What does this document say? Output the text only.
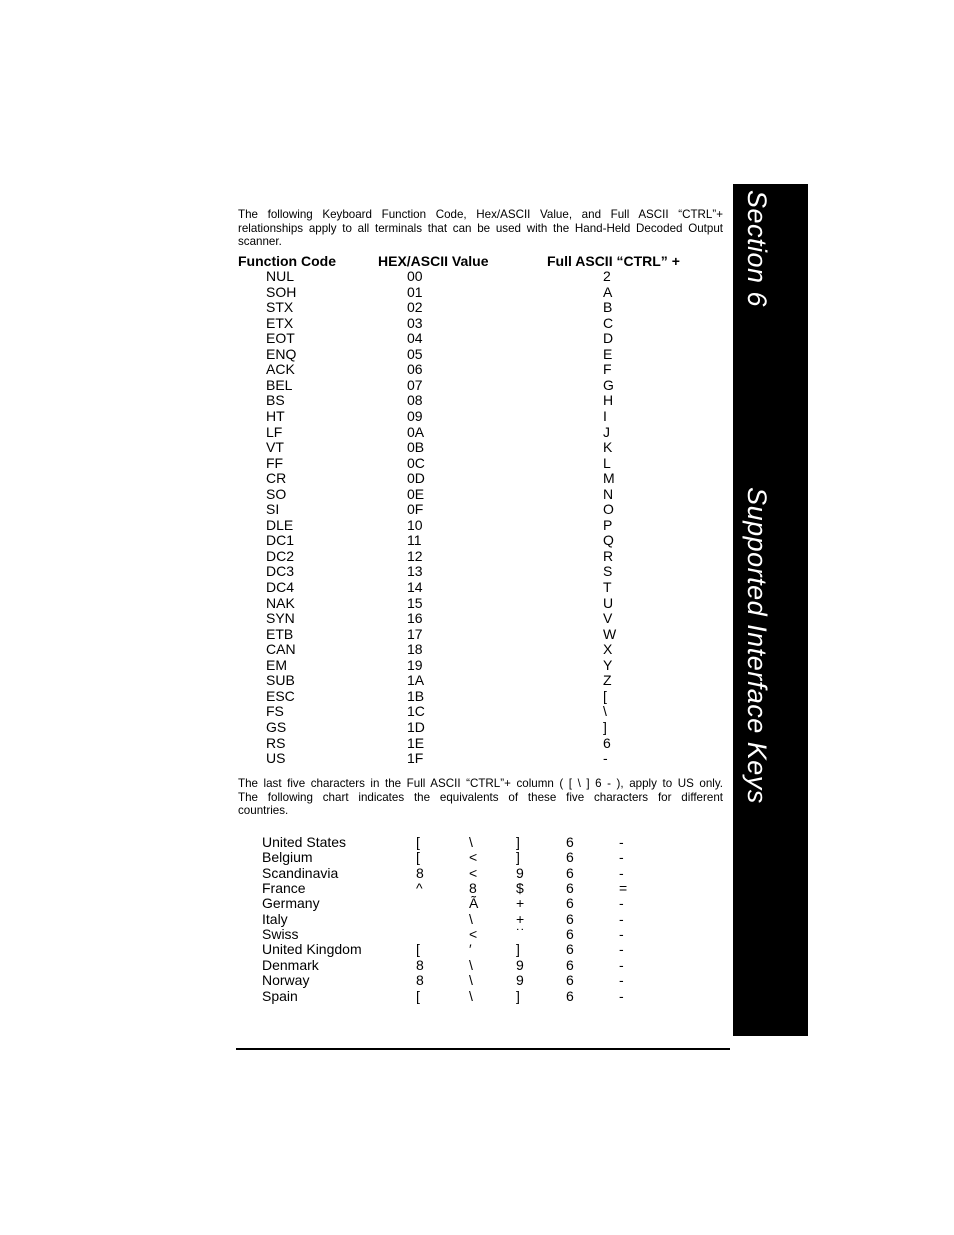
Section 6Supported Interface Keys
The following Keyboard Function Code, Hex/ASCII Value, and Full ASCII “CTRL”+
relationships apply to all terminals that can be used with the Hand-Held Decoded Output
scanner.
Function Code	HEX/ASCII Value	Full ASCII “CTRL” +
NUL	00	2
SOH	01	A
STX	02	B
ETX	03	C
EOT	04	D
ENQ	05	E
ACK	06	F
BEL	07	G
BS	08	H
HT	09	I
LF	0A	J
VT	0B	K
FF	0C	L
CR	0D	M
SO	0E	N
SI	0F	O
DLE	10	P
DC1	11	Q
DC2	12	R
DC3	13	S
DC4	14	T
NAK	15	U
SYN	16	V
ETB	17	W
CAN	18	X
EM	19	Y
SUB	1A	Z
ESC	1B	[
FS	1C	\
GS	1D	]
RS	1E	6
US	1F	-
The last five characters in the Full ASCII “CTRL”+ column ( [ \ ] 6 - ), apply to US only.
The following chart indicates the equivalents of these five characters for different
countries.
United States	[	\	]	6	-
Belgium	[	<	]	6	-
Scandinavia	8	<	9	6	-
France	^	8	$	6	=
Germany	Ã	+	6	-
Italy	\	+	6	-
Swiss	<	˙˙	6	-
United Kingdom	[	′	]	6	-
Denmark	8	\	9	6	-
Norway	8	\	9	6	-
Spain	[	\	]	6	-
